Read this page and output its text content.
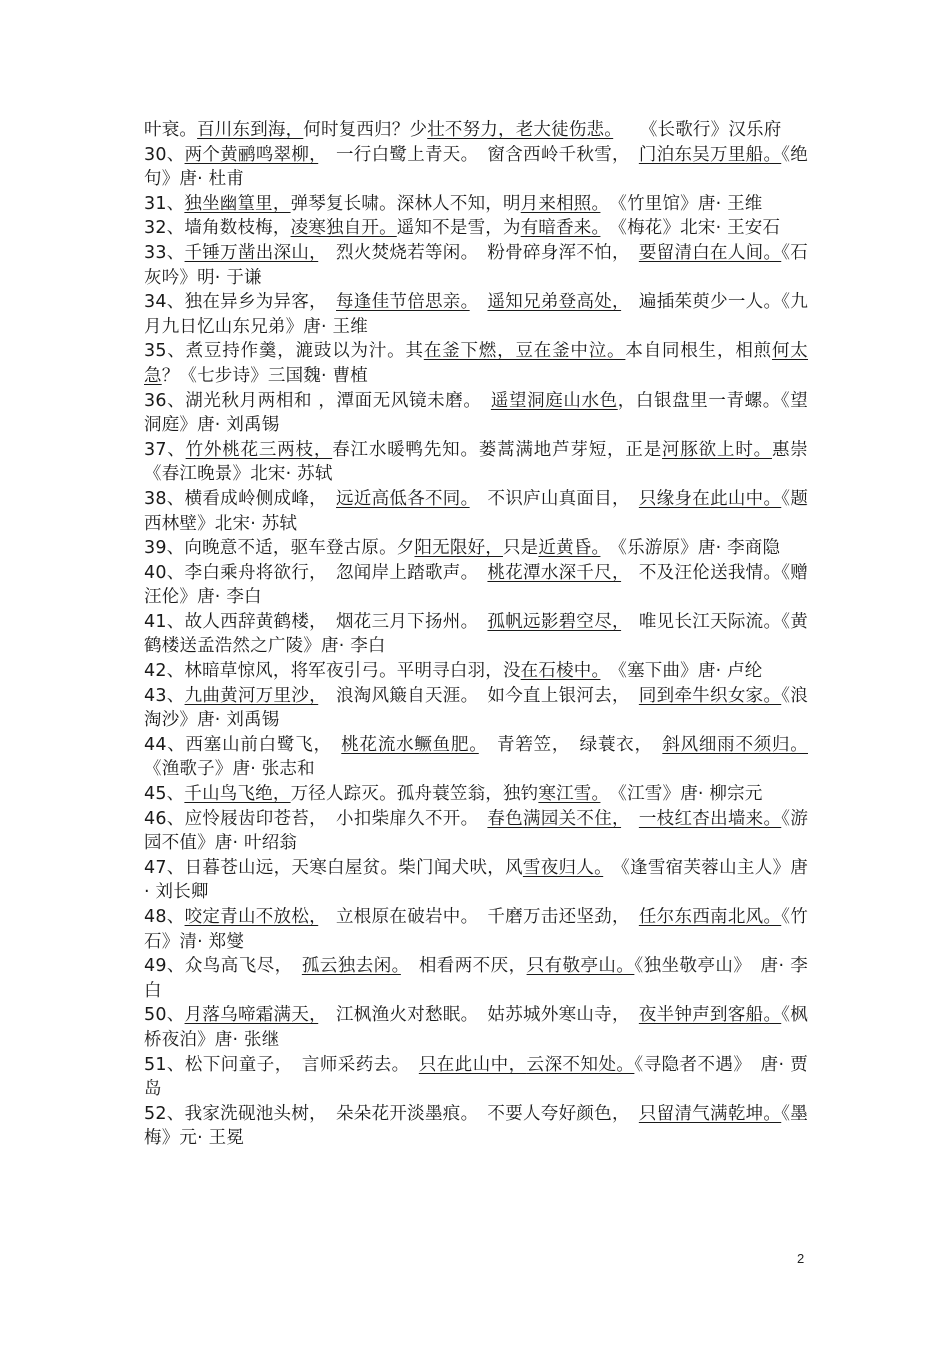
叶衰。百川东到海，何时复西归？少壮不努力，老大徒伤悲。　　《长歌行》汉乐府

30、两个黄鹂鸣翠柳，　一行白鹭上青天。　窗含西岭千秋雪，　门泊东吴万里船。《绝句》唐· 杜甫

31、独坐幽篁里，弹琴复长啸。深林人不知，明月来相照。　《竹里馆》唐· 王维

32、墙角数枝梅，凌寒独自开。遥知不是雪，为有暗香来。　《梅花》北宋· 王安石

33、千锤万凿出深山，　烈火焚烧若等闲。　粉骨碎身浑不怕，　要留清白在人间。《石灰吟》明· 于谦

34、独在异乡为异客，　每逢佳节倍思亲。　 遥知兄弟登高处，　遍插茱萸少一人。《九月九日忆山东兄弟》唐· 王维

35、煮豆持作羹，漉豉以为汁。其在釜下燃，豆在釜中泣。本自同根生，相煎何太急？《七步诗》三国魏· 曹植

36、湖光秋月两相和 ，潭面无风镜未磨。　遥望洞庭山水色，白银盘里一青螺。《望洞庭》唐· 刘禹锡

37、竹外桃花三两枝，春江水暖鸭先知。蒌蒿满地芦芽短，正是河豚欲上时。惠崇《春江晚景》北宋· 苏轼

38、横看成岭侧成峰，　远近高低各不同。　不识庐山真面目，　只缘身在此山中。《题西林壁》北宋· 苏轼

39、向晚意不适，驱车登古原。夕阳无限好，只是近黄昏。　《乐游原》唐· 李商隐

40、李白乘舟将欲行，　忽闻岸上踏歌声。　桃花潭水深千尺，　不及汪伦送我情。《赠汪伦》唐· 李白

41、故人西辞黄鹤楼，　烟花三月下扬州。　孤帆远影碧空尽，　唯见长江天际流。《黄鹤楼送孟浩然之广陵》唐· 李白

42、林暗草惊风，将军夜引弓。平明寻白羽，没在石棱中。　《塞下曲》唐· 卢纶

43、九曲黄河万里沙，　浪淘风簸自天涯。　如今直上银河去，　同到牵牛织女家。《浪淘沙》唐· 刘禹锡

44、西塞山前白鹭飞，　桃花流水鳜鱼肥。　青箬笠，　绿蓑衣，　斜风细雨不须归。《渔歌子》唐· 张志和

45、千山鸟飞绝，万径人踪灭。孤舟蓑笠翁，独钓寒江雪。　《江雪》唐· 柳宗元

46、应怜屐齿印苍苔，　小扣柴扉久不开。　春色满园关不住，　 一枝红杏出墙来。《游园不值》唐· 叶绍翁

47、日暮苍山远，天寒白屋贫。柴门闻犬吠，风雪夜归人。　《逢雪宿芙蓉山主人》唐· 刘长卿

48、咬定青山不放松，　立根原在破岩中。　千磨万击还坚劲，　任尔东西南北风。《竹石》清· 郑燮

49、众鸟高飞尽，　孤云独去闲。　相看两不厌，只有敬亭山。《独坐敬亭山》　唐· 李白

50、月落乌啼霜满天，　江枫渔火对愁眠。　姑苏城外寒山寺，　夜半钟声到客船。《枫桥夜泊》唐· 张继

51、松下问童子，　言师采药去。　只在此山中，云深不知处。《寻隐者不遇》　唐· 贾岛

52、我家洗砚池头树，　朵朵花开淡墨痕。　不要人夸好颜色，　只留清气满乾坤。《墨梅》元· 王冕

2
